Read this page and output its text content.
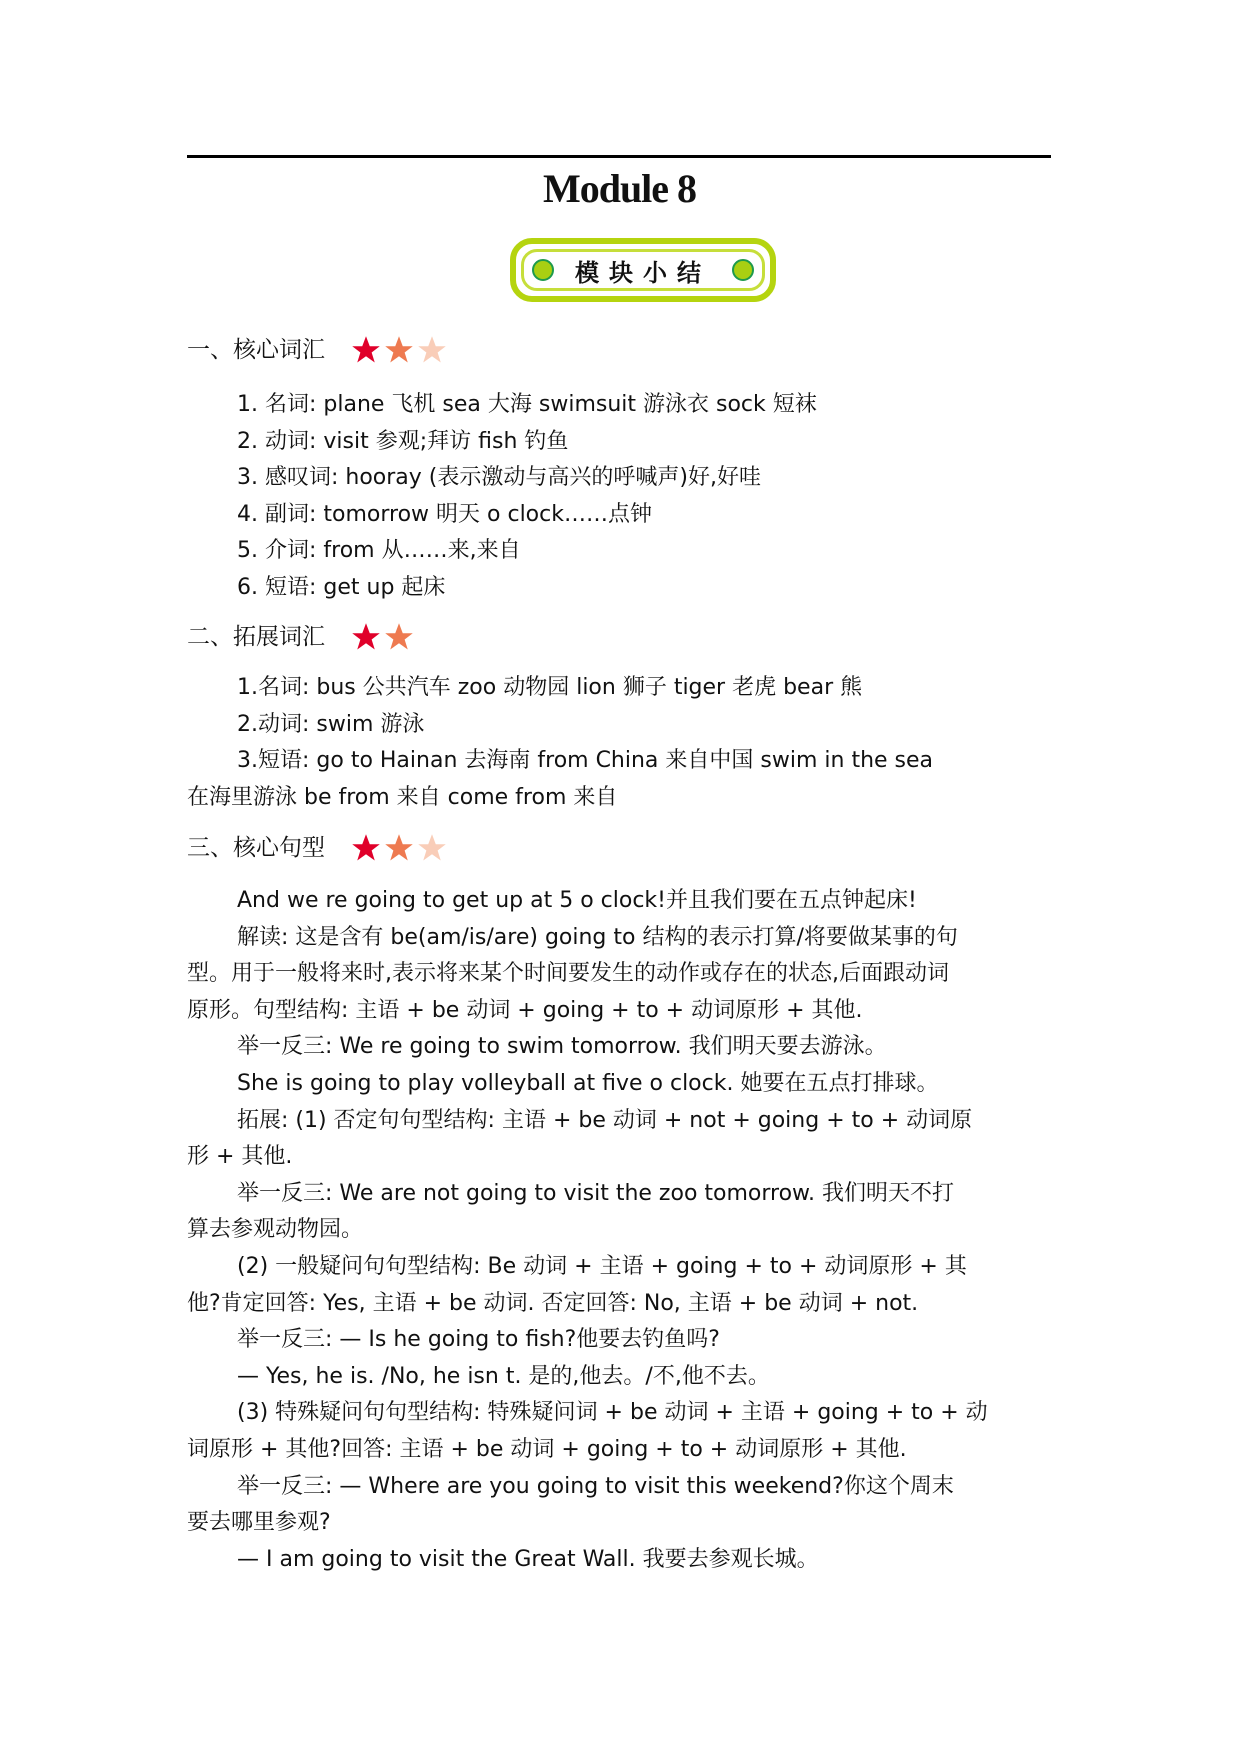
Module 8
模块小结
一、核心词汇
1. 名词: plane 飞机 sea 大海 swimsuit 游泳衣 sock 短袜
2. 动词: visit 参观;拜访 fish 钓鱼
3. 感叹词: hooray (表示激动与高兴的呼喊声)好,好哇
4. 副词: tomorrow 明天 o clock……点钟
5. 介词: from 从……来,来自
6. 短语: get up 起床
二、拓展词汇
1.名词: bus 公共汽车 zoo 动物园 lion 狮子 tiger 老虎 bear 熊
2.动词: swim 游泳
3.短语: go to Hainan 去海南 from China 来自中国 swim in the sea
在海里游泳 be from 来自 come from 来自
三、核心句型
And we re going to get up at 5 o clock!并且我们要在五点钟起床!
解读: 这是含有 be(am/is/are) going to 结构的表示打算/将要做某事的句
型。用于一般将来时,表示将来某个时间要发生的动作或存在的状态,后面跟动词
原形。句型结构: 主语 + be 动词 + going + to + 动词原形 + 其他.
举一反三: We re going to swim tomorrow. 我们明天要去游泳。
She is going to play volleyball at five o clock. 她要在五点打排球。
拓展: (1) 否定句句型结构: 主语 + be 动词 + not + going + to + 动词原
形 + 其他.
举一反三: We are not going to visit the zoo tomorrow. 我们明天不打
算去参观动物园。
(2) 一般疑问句句型结构: Be 动词 + 主语 + going + to + 动词原形 + 其
他?肯定回答: Yes, 主语 + be 动词. 否定回答: No, 主语 + be 动词 + not.
举一反三: — Is he going to fish?他要去钓鱼吗?
— Yes, he is. /No, he isn t. 是的,他去。/不,他不去。
(3) 特殊疑问句句型结构: 特殊疑问词 + be 动词 + 主语 + going + to + 动
词原形 + 其他?回答: 主语 + be 动词 + going + to + 动词原形 + 其他.
举一反三: — Where are you going to visit this weekend?你这个周末
要去哪里参观?
— I am going to visit the Great Wall. 我要去参观长城。
